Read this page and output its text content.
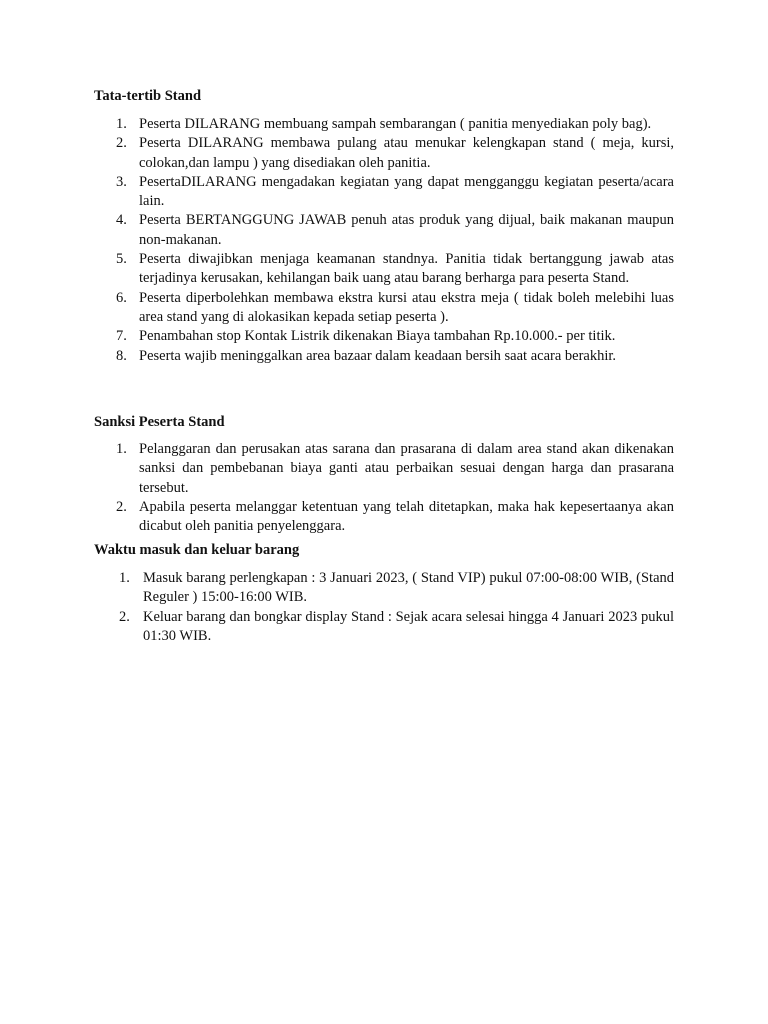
Tata-tertib Stand
1. Peserta DILARANG membuang sampah sembarangan ( panitia menyediakan poly bag).
2. Peserta DILARANG membawa pulang atau menukar kelengkapan stand ( meja, kursi, colokan,dan lampu ) yang disediakan oleh panitia.
3. PesertaDILARANG mengadakan kegiatan yang dapat mengganggu kegiatan peserta/acara lain.
4. Peserta BERTANGGUNG JAWAB penuh atas produk yang dijual, baik makanan maupun non-makanan.
5. Peserta diwajibkan menjaga keamanan standnya. Panitia tidak bertanggung jawab atas terjadinya kerusakan, kehilangan baik uang atau barang berharga para peserta Stand.
6. Peserta diperbolehkan membawa ekstra kursi atau ekstra meja ( tidak boleh melebihi luas area stand yang di alokasikan kepada setiap peserta ).
7. Penambahan stop Kontak Listrik dikenakan Biaya tambahan Rp.10.000.- per titik.
8. Peserta wajib meninggalkan area bazaar dalam keadaan bersih saat acara berakhir.
Sanksi Peserta Stand
1. Pelanggaran dan perusakan atas sarana dan prasarana di dalam area stand akan dikenakan sanksi dan pembebanan biaya ganti atau perbaikan sesuai dengan harga dan prasarana tersebut.
2. Apabila peserta melanggar ketentuan yang telah ditetapkan, maka hak kepesertaanya akan dicabut oleh panitia penyelenggara.
Waktu masuk dan keluar barang
1. Masuk barang perlengkapan : 3 Januari 2023, ( Stand VIP) pukul 07:00-08:00 WIB, (Stand Reguler ) 15:00-16:00 WIB.
2. Keluar barang dan bongkar display Stand : Sejak acara selesai hingga 4 Januari 2023 pukul 01:30 WIB.
